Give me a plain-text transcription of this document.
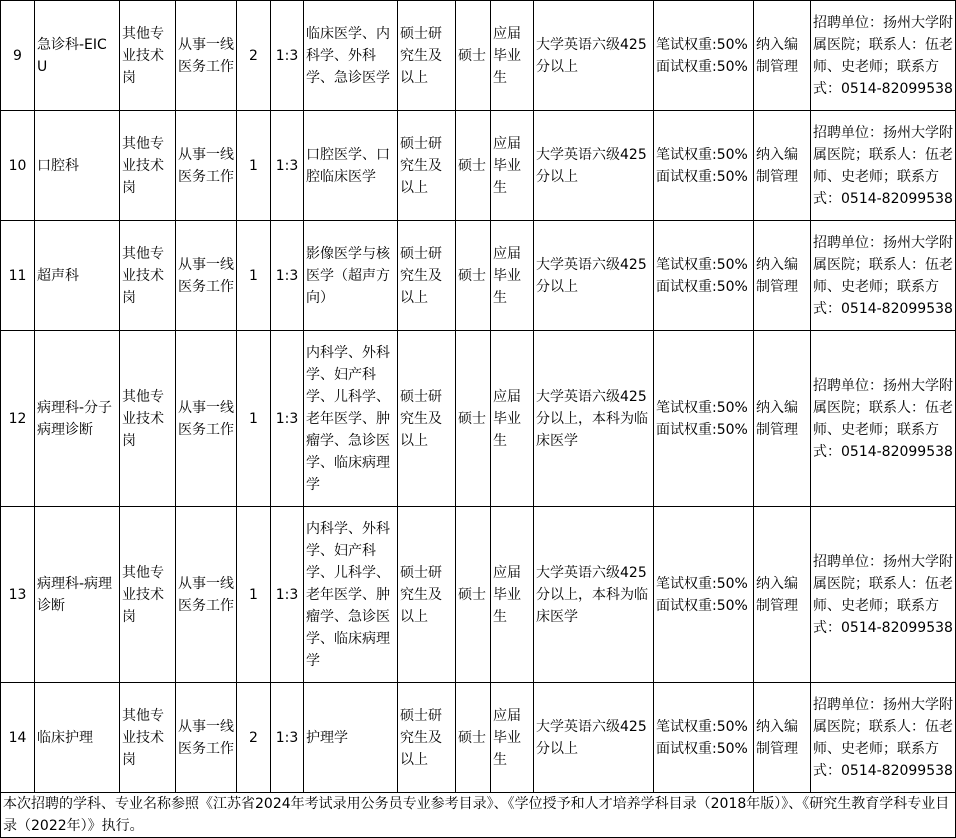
9	急诊科-EICU	其他专业技术岗	从事一线医务工作	2	1:3	临床医学、内科学、外科学、急诊医学	硕士研究生及以上	硕士	应届毕业生	大学英语六级425分以上	笔试权重:50%面试权重:50%	纳入编制管理	招聘单位：扬州大学附属医院；联系人：伍老师、史老师；联系方式：0514-82099538
10	口腔科	其他专业技术岗	从事一线医务工作	1	1:3	口腔医学、口腔临床医学	硕士研究生及以上	硕士	应届毕业生	大学英语六级425分以上	笔试权重:50%面试权重:50%	纳入编制管理	招聘单位：扬州大学附属医院；联系人：伍老师、史老师；联系方式：0514-82099538
11	超声科	其他专业技术岗	从事一线医务工作	1	1:3	影像医学与核医学（超声方向）	硕士研究生及以上	硕士	应届毕业生	大学英语六级425分以上	笔试权重:50%面试权重:50%	纳入编制管理	招聘单位：扬州大学附属医院；联系人：伍老师、史老师；联系方式：0514-82099538
12	病理科-分子病理诊断	其他专业技术岗	从事一线医务工作	1	1:3	内科学、外科学、妇产科学、儿科学、老年医学、肿瘤学、急诊医学、临床病理学	硕士研究生及以上	硕士	应届毕业生	大学英语六级425分以上，本科为临床医学	笔试权重:50%面试权重:50%	纳入编制管理	招聘单位：扬州大学附属医院；联系人：伍老师、史老师；联系方式：0514-82099538
13	病理科-病理诊断	其他专业技术岗	从事一线医务工作	1	1:3	内科学、外科学、妇产科学、儿科学、老年医学、肿瘤学、急诊医学、临床病理学	硕士研究生及以上	硕士	应届毕业生	大学英语六级425分以上，本科为临床医学	笔试权重:50%面试权重:50%	纳入编制管理	招聘单位：扬州大学附属医院；联系人：伍老师、史老师；联系方式：0514-82099538
14	临床护理	其他专业技术岗	从事一线医务工作	2	1:3	护理学	硕士研究生及以上	硕士	应届毕业生	大学英语六级425分以上	笔试权重:50%面试权重:50%	纳入编制管理	招聘单位：扬州大学附属医院；联系人：伍老师、史老师；联系方式：0514-82099538
本次招聘的学科、专业名称参照《江苏省2024年考试录用公务员专业参考目录》、《学位授予和人才培养学科目录（2018年版）》、《研究生教育学科专业目录（2022年）》执行。													
